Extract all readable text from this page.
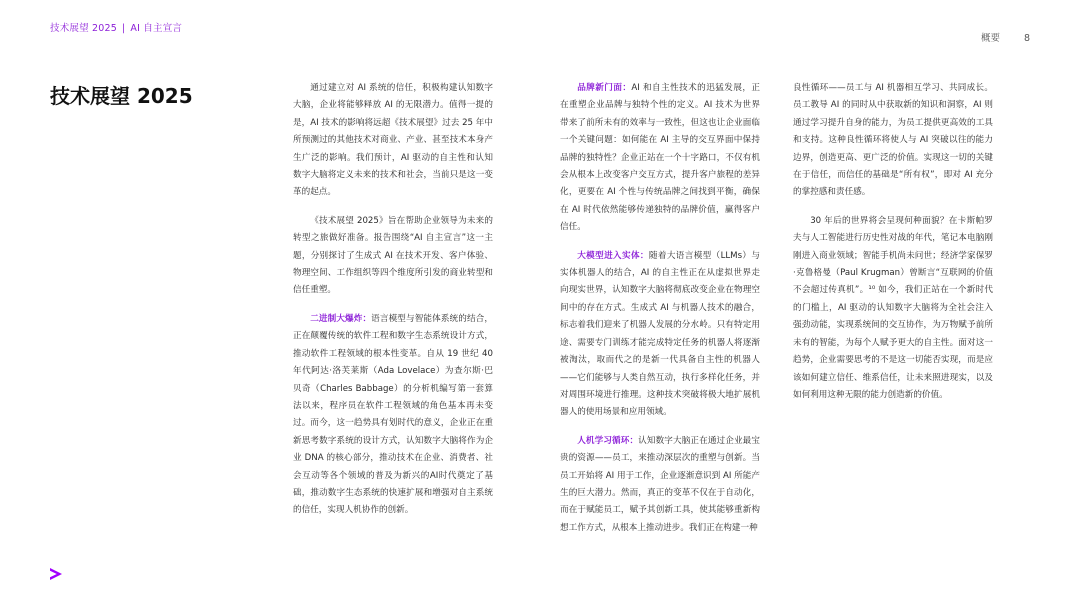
技术展望 2025 | AI 自主宣言
概要	8
技术展望 2025	通过建立对 AI 系统的信任，积极构建认知数字大脑，企业将能够释放 AI 的无限潜力。值得一提的是，AI 技术的影响将远超《技术展望》过去 25 年中所预测过的其他技术对商业、产业、甚至技术本身产生广泛的影响。我们预计，AI 驱动的自主性和认知数字大脑将定义未来的技术和社会，当前只是这一变革的起点。

《技术展望 2025》旨在帮助企业领导为未来的转型之旅做好准备。报告围绕“AI 自主宣言”这一主题，分别探讨了生成式 AI 在技术开发、客户体验、物理空间、工作组织等四个维度所引发的商业转型和信任重塑。

二进制大爆炸：语言模型与智能体系统的结合，正在颠覆传统的软件工程和数字生态系统设计方式，推动软件工程领域的根本性变革。自从 19 世纪 40 年代阿达·洛芙莱斯（Ada Lovelace）为查尔斯·巴贝奇（Charles Babbage）的分析机编写第一套算法以来，程序员在软件工程领域的角色基本再未变过。而今，这一趋势具有划时代的意义，企业正在重新思考数字系统的设计方式，认知数字大脑将作为企业 DNA 的核心部分，推动技术在企业、消费者、社会互动等各个领域的普及为新兴的AI时代奠定了基础，推动数字生态系统的快速扩展和增强对自主系统的信任，实现人机协作的创新。

品牌新门面：AI 和自主性技术的迅猛发展，正在重塑企业品牌与独特个性的定义。AI 技术为世界带来了前所未有的效率与一致性，但这也让企业面临一个关键问题：如何能在 AI 主导的交互界面中保持品牌的独特性？企业正站在一个十字路口，不仅有机会从根本上改变客户交互方式，提升客户旅程的差异化，更要在 AI 个性与传统品牌之间找到平衡，确保在 AI 时代依然能够传递独特的品牌价值，赢得客户信任。

大模型进入实体：随着大语言模型（LLMs）与实体机器人的结合，AI 的自主性正在从虚拟世界走向现实世界，认知数字大脑将彻底改变企业在物理空间中的存在方式。生成式 AI 与机器人技术的融合，标志着我们迎来了机器人发展的分水岭。只有特定用途、需要专门训练才能完成特定任务的机器人将逐渐被淘汰，取而代之的是新一代具备自主性的机器人——它们能够与人类自然互动，执行多样化任务，并对周围环境进行推理。这种技术突破将极大地扩展机器人的使用场景和应用领域。

人机学习循环：认知数字大脑正在通过企业最宝贵的资源——员工，来推动深层次的重塑与创新。当员工开始将 AI 用于工作，企业逐渐意识到 AI 所能产生的巨大潜力。然而，真正的变革不仅在于自动化，而在于赋能员工，赋予其创新工具，使其能够重新构想工作方式，从根本上推动进步。我们正在构建一种

良性循环——员工与 AI 机器相互学习、共同成长。员工教导 AI 的同时从中获取新的知识和洞察，AI 则通过学习提升自身的能力，为员工提供更高效的工具和支持。这种良性循环将使人与 AI 突破以往的能力边界，创造更高、更广泛的价值。实现这一切的关键在于信任，而信任的基础是“所有权”，即对 AI 充分的掌控感和责任感。

30 年后的世界将会呈现何种面貌？在卡斯帕罗夫与人工智能进行历史性对战的年代，笔记本电脑刚刚进入商业领域；智能手机尚未问世；经济学家保罗·克鲁格曼（Paul Krugman）曾断言“互联网的价值不会超过传真机”。¹⁰ 如今，我们正站在一个新时代的门槛上，AI 驱动的认知数字大脑将为全社会注入强劲动能，实现系统间的交互协作，为万物赋予前所未有的智能，为每个人赋予更大的自主性。面对这一趋势，企业需要思考的不是这一切能否实现，而是应该如何建立信任、维系信任，让未来照进现实，以及如何利用这种无限的能力创造新的价值。
